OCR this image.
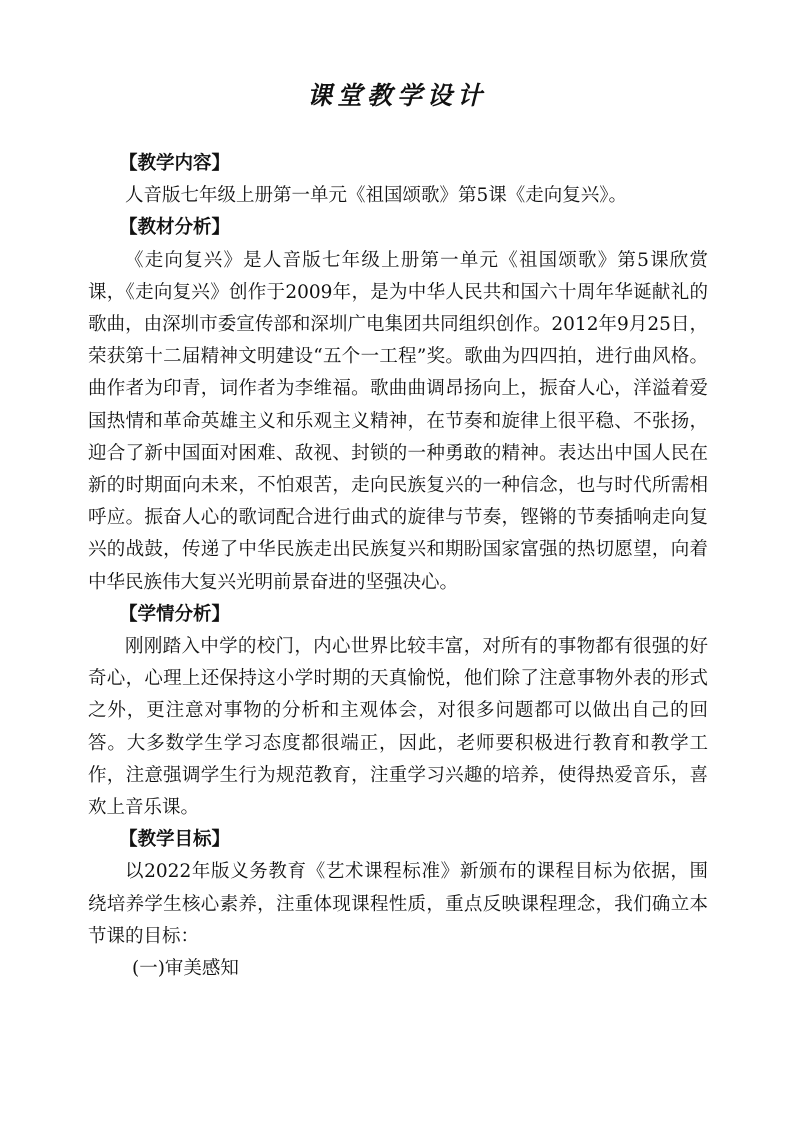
课堂教学设计

【教学内容】

人音版七年级上册第一单元《祖国颂歌》第5课《走向复兴》。

【教材分析】

《走向复兴》是人音版七年级上册第一单元《祖国颂歌》第5课欣赏课，《走向复兴》创作于2009年，是为中华人民共和国六十周年华诞献礼的歌曲，由深圳市委宣传部和深圳广电集团共同组织创作。2012年9月25日，荣获第十二届精神文明建设“五个一工程”奖。歌曲为四四拍，进行曲风格。曲作者为印青，词作者为李维福。歌曲曲调昂扬向上，振奋人心，洋溢着爱国热情和革命英雄主义和乐观主义精神，在节奏和旋律上很平稳、不张扬，迎合了新中国面对困难、敌视、封锁的一种勇敢的精神。表达出中国人民在新的时期面向未来，不怕艰苦，走向民族复兴的一种信念，也与时代所需相呼应。振奋人心的歌词配合进行曲式的旋律与节奏，铿锵的节奏插响走向复兴的战鼓，传递了中华民族走出民族复兴和期盼国家富强的热切愿望，向着中华民族伟大复兴光明前景奋进的坚强决心。

【学情分析】

刚刚踏入中学的校门，内心世界比较丰富，对所有的事物都有很强的好奇心，心理上还保持这小学时期的天真愉悦，他们除了注意事物外表的形式之外，更注意对事物的分析和主观体会，对很多问题都可以做出自己的回答。大多数学生学习态度都很端正，因此，老师要积极进行教育和教学工作，注意强调学生行为规范教育，注重学习兴趣的培养，使得热爱音乐，喜欢上音乐课。

【教学目标】

以2022年版义务教育《艺术课程标准》新颁布的课程目标为依据，围绕培养学生核心素养，注重体现课程性质，重点反映课程理念，我们确立本节课的目标：

(一)审美感知
